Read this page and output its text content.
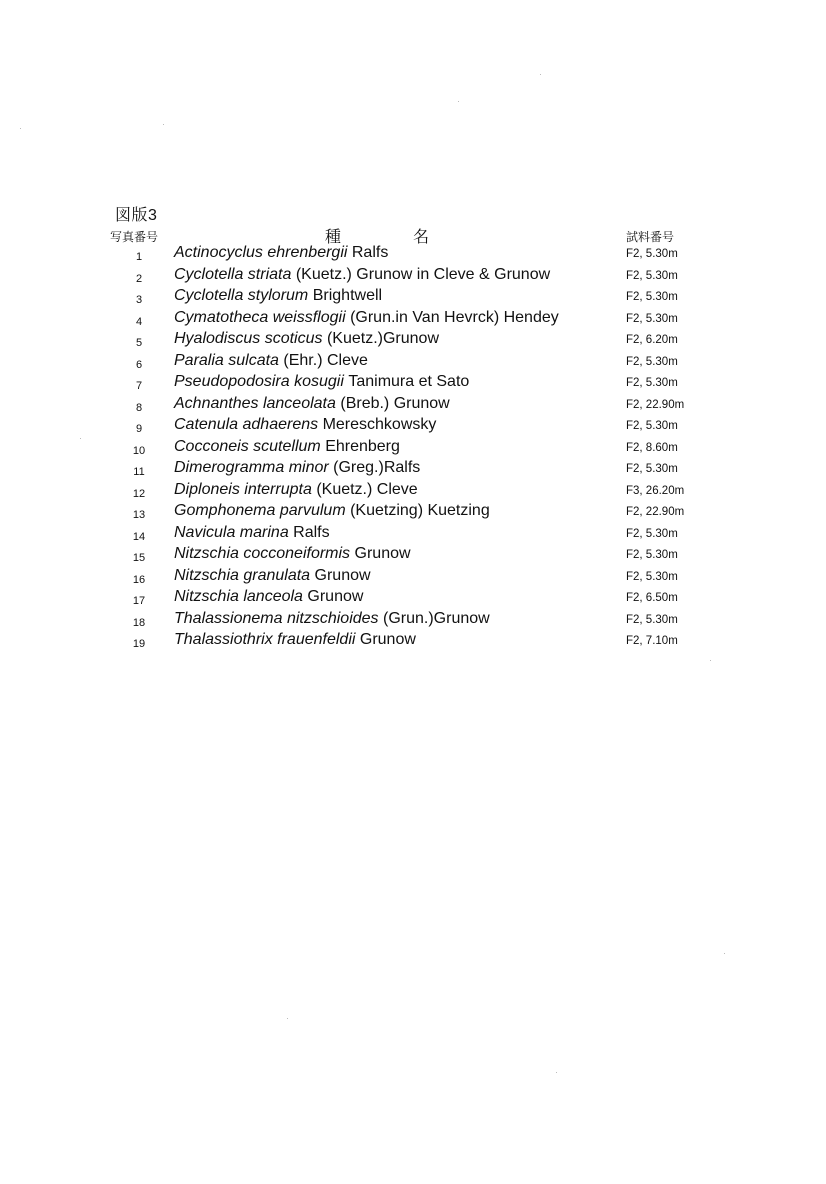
図版3
写真番号	種	名	試料番号
1	Actinocyclus ehrenbergii Ralfs	F2, 5.30m
2	Cyclotella striata (Kuetz.) Grunow in Cleve & Grunow	F2, 5.30m
3	Cyclotella stylorum Brightwell	F2, 5.30m
4	Cymatotheca weissflogii (Grun.in Van Hevrck) Hendey	F2, 5.30m
5	Hyalodiscus scoticus (Kuetz.)Grunow	F2, 6.20m
6	Paralia sulcata (Ehr.) Cleve	F2, 5.30m
7	Pseudopodosira kosugii Tanimura et Sato	F2, 5.30m
8	Achnanthes lanceolata (Breb.) Grunow	F2, 22.90m
9	Catenula adhaerens Mereschkowsky	F2, 5.30m
10	Cocconeis scutellum Ehrenberg	F2, 8.60m
11	Dimerogramma minor (Greg.)Ralfs	F2, 5.30m
12	Diploneis interrupta (Kuetz.) Cleve	F3, 26.20m
13	Gomphonema parvulum (Kuetzing) Kuetzing	F2, 22.90m
14	Navicula marina Ralfs	F2, 5.30m
15	Nitzschia cocconeiformis Grunow	F2, 5.30m
16	Nitzschia granulata Grunow	F2, 5.30m
17	Nitzschia lanceola Grunow	F2, 6.50m
18	Thalassionema nitzschioides (Grun.)Grunow	F2, 5.30m
19	Thalassiothrix frauenfeldii Grunow	F2, 7.10m
